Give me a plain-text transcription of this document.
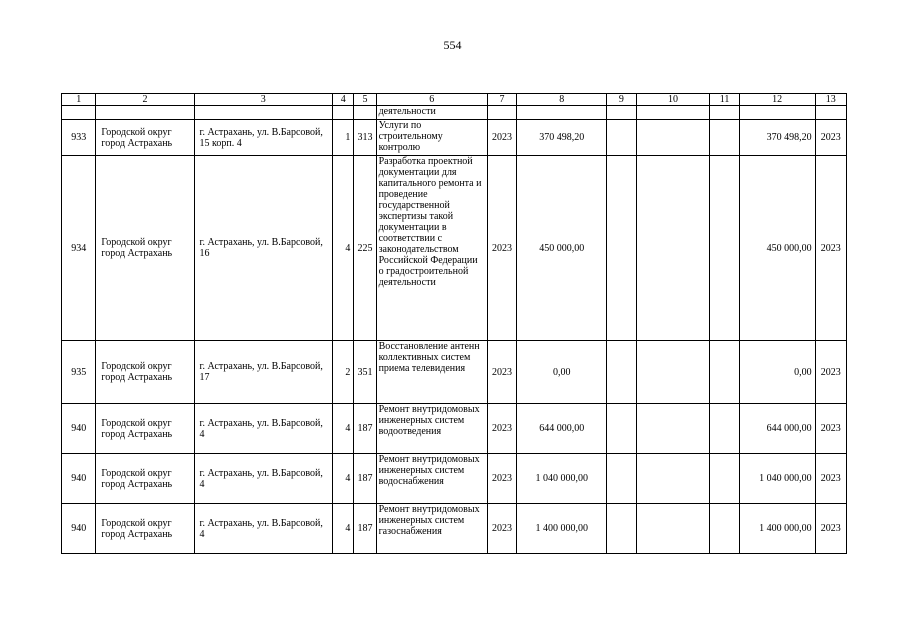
554
1	2	3	4	5	6	7	8	9	10	11	12	13
					деятельности							
933	Городской округ город Астрахань	г. Астрахань, ул. В.Барсовой, 15 корп. 4	1	313	Услуги по строительному контролю	2023	370 498,20				370 498,20	2023
934	Городской округ город Астрахань	г. Астрахань, ул. В.Барсовой, 16	4	225	Разработка проектной документации для капитального ремонта и проведение государственной экспертизы такой документации в соответствии с законодательством Российской Федерации о градостроительной деятельности	2023	450 000,00				450 000,00	2023
935	Городской округ город Астрахань	г. Астрахань, ул. В.Барсовой, 17	2	351	Восстановление антенн коллективных систем приема телевидения	2023	0,00				0,00	2023
940	Городской округ город Астрахань	г. Астрахань, ул. В.Барсовой, 4	4	187	Ремонт внутридомовых инженерных систем водоотведения	2023	644 000,00				644 000,00	2023
940	Городской округ город Астрахань	г. Астрахань, ул. В.Барсовой, 4	4	187	Ремонт внутридомовых инженерных систем водоснабжения	2023	1 040 000,00				1 040 000,00	2023
940	Городской округ город Астрахань	г. Астрахань, ул. В.Барсовой, 4	4	187	Ремонт внутридомовых инженерных систем газоснабжения	2023	1 400 000,00				1 400 000,00	2023
